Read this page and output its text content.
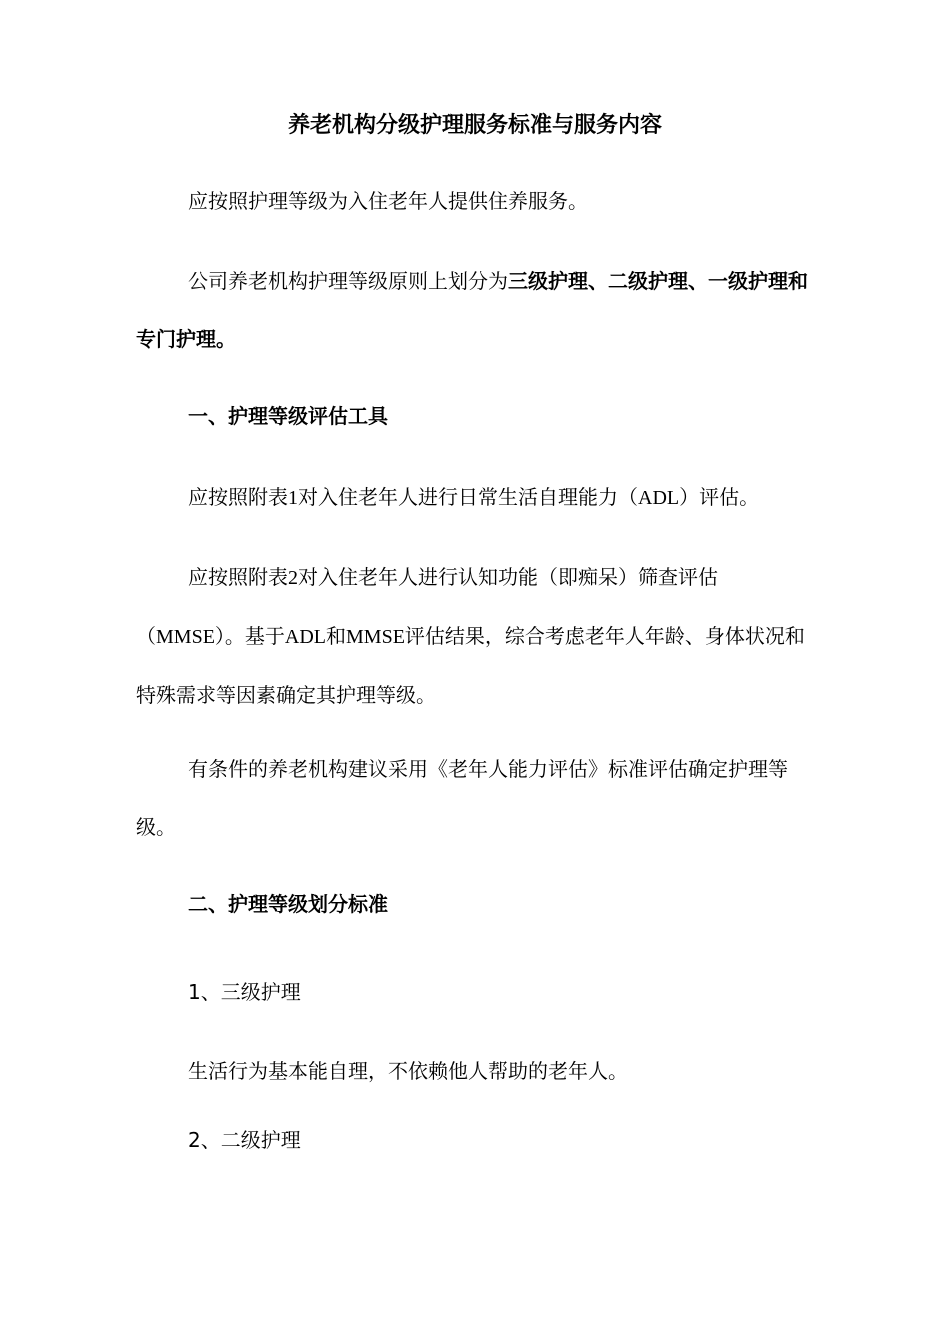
养老机构分级护理服务标准与服务内容

应按照护理等级为入住老年人提供住养服务。

公司养老机构护理等级原则上划分为三级护理、二级护理、一级护理和专门护理。

一、护理等级评估工具

应按照附表1对入住老年人进行日常生活自理能力（ADL）评估。

应按照附表2对入住老年人进行认知功能（即痴呆）筛查评估（MMSE）。基于ADL和MMSE评估结果，综合考虑老年人年龄、身体状况和特殊需求等因素确定其护理等级。

有条件的养老机构建议采用《老年人能力评估》标准评估确定护理等级。

二、护理等级划分标准
1、三级护理

生活行为基本能自理，不依赖他人帮助的老年人。

2、二级护理
